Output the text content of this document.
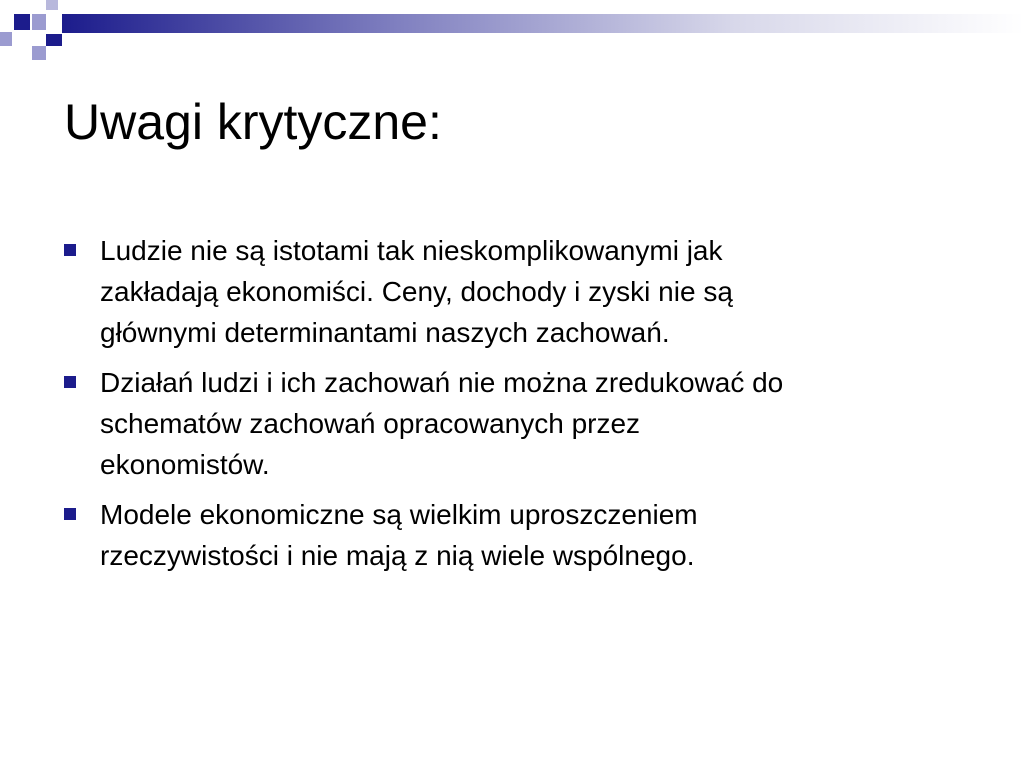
Uwagi krytyczne:
Ludzie nie są istotami tak nieskomplikowanymi jak
zakładają ekonomiści. Ceny, dochody i zyski nie są
głównymi determinantami naszych zachowań.
Działań ludzi i ich zachowań nie można zredukować do
schematów zachowań opracowanych przez
ekonomistów.
Modele ekonomiczne są wielkim uproszczeniem
rzeczywistości i nie mają z nią wiele wspólnego.
